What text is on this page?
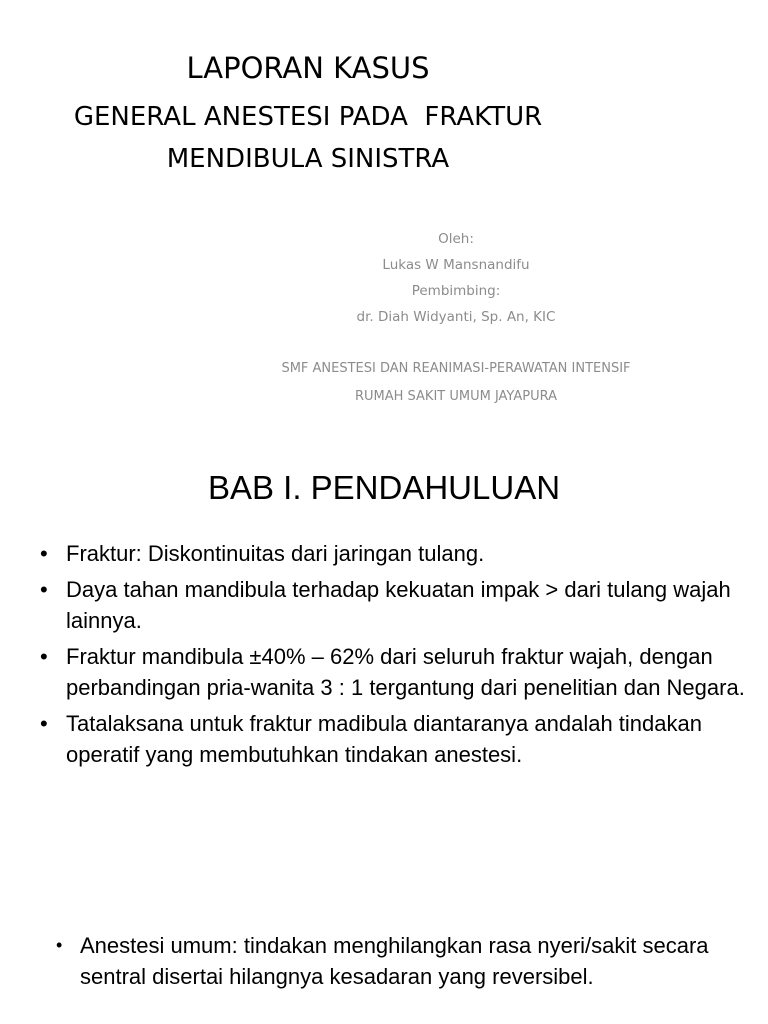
LAPORAN KASUS
GENERAL ANESTESI PADA  FRAKTUR
MENDIBULA SINISTRA
Oleh:
Lukas W Mansnandifu
Pembimbing:
dr. Diah Widyanti, Sp. An, KIC
SMF ANESTESI DAN REANIMASI-PERAWATAN INTENSIF
RUMAH SAKIT UMUM JAYAPURA
BAB I. PENDAHULUAN
• Fraktur: Diskontinuitas dari jaringan tulang.
• Daya tahan mandibula terhadap kekuatan impak > dari tulang wajah lainnya.
• Fraktur mandibula ±40% – 62% dari seluruh fraktur wajah, dengan perbandingan pria-wanita 3 : 1 tergantung dari penelitian dan Negara.
• Tatalaksana untuk fraktur madibula diantaranya andalah tindakan operatif yang membutuhkan tindakan anestesi.
• Anestesi umum: tindakan menghilangkan rasa nyeri/sakit secara sentral disertai hilangnya kesadaran yang reversibel.
